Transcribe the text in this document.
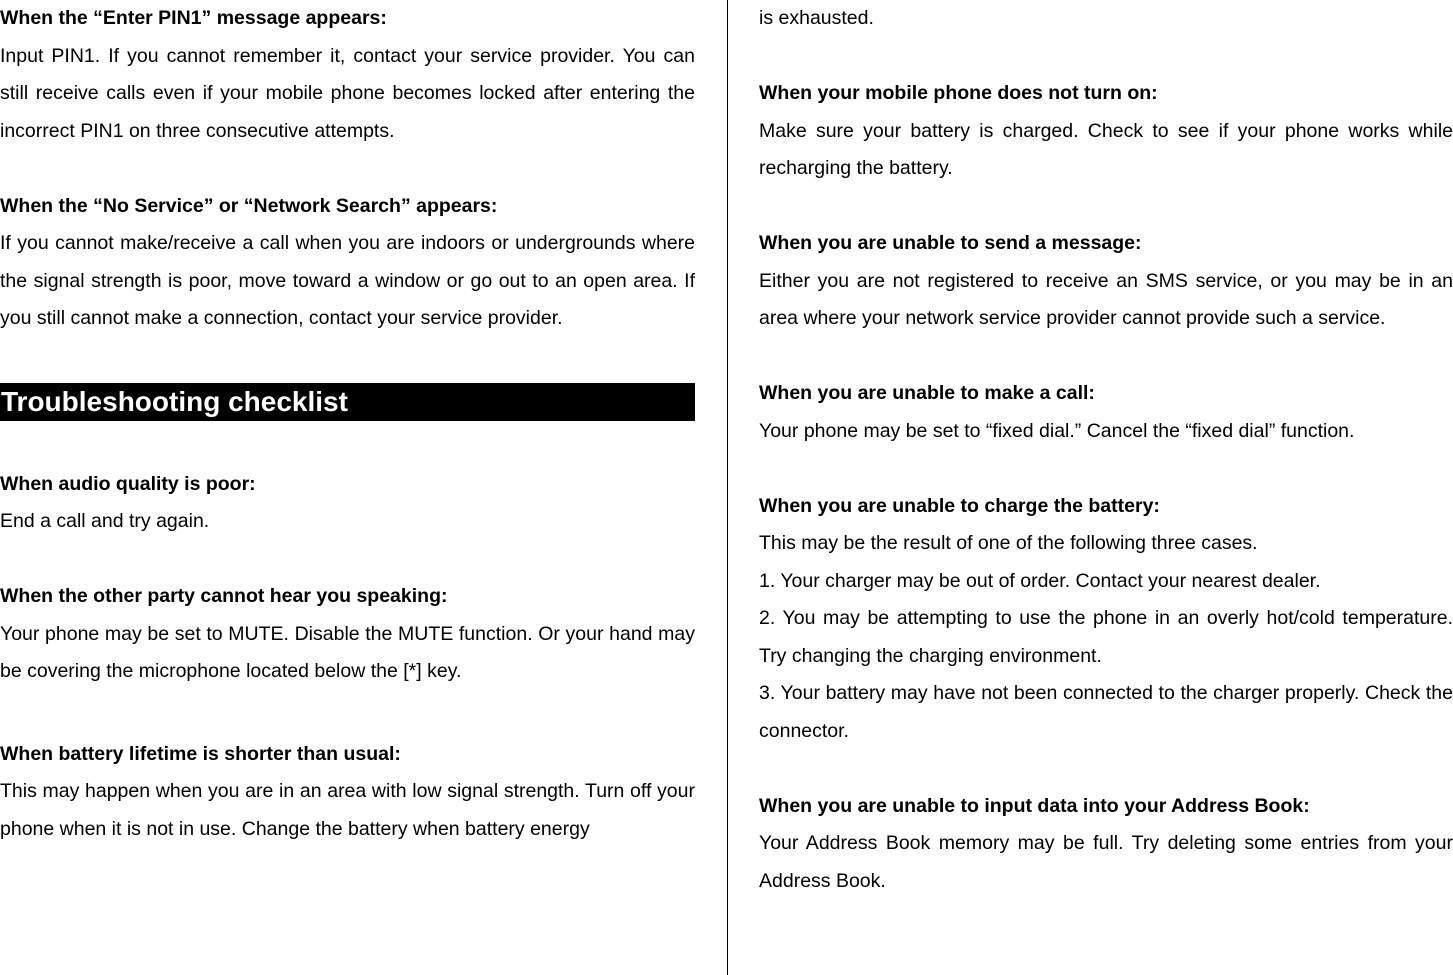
When the “Enter PIN1” message appears:

Input PIN1. If you cannot remember it, contact your service provider. You can still receive calls even if your mobile phone becomes locked after entering the incorrect PIN1 on three consecutive attempts.

When the “No Service” or “Network Search” appears:

If you cannot make/receive a call when you are indoors or undergrounds where the signal strength is poor, move toward a window or go out to an open area. If you still cannot make a connection, contact your service provider.

Troubleshooting checklist

When audio quality is poor:

End a call and try again.

When the other party cannot hear you speaking:

Your phone may be set to MUTE. Disable the MUTE function. Or your hand may be covering the microphone located below the [*] key.

When battery lifetime is shorter than usual:

This may happen when you are in an area with low signal strength. Turn off your phone when it is not in use. Change the battery when battery energy

is exhausted.

When your mobile phone does not turn on:

Make sure your battery is charged. Check to see if your phone works while recharging the battery.

When you are unable to send a message:

Either you are not registered to receive an SMS service, or you may be in an area where your network service provider cannot provide such a service.

When you are unable to make a call:

Your phone may be set to “fixed dial.” Cancel the “fixed dial” function.

When you are unable to charge the battery:

This may be the result of one of the following three cases.

1. Your charger may be out of order. Contact your nearest dealer.

2. You may be attempting to use the phone in an overly hot/cold temperature. Try changing the charging environment.

3. Your battery may have not been connected to the charger properly. Check the connector.

When you are unable to input data into your Address Book:

Your Address Book memory may be full. Try deleting some entries from your Address Book.
